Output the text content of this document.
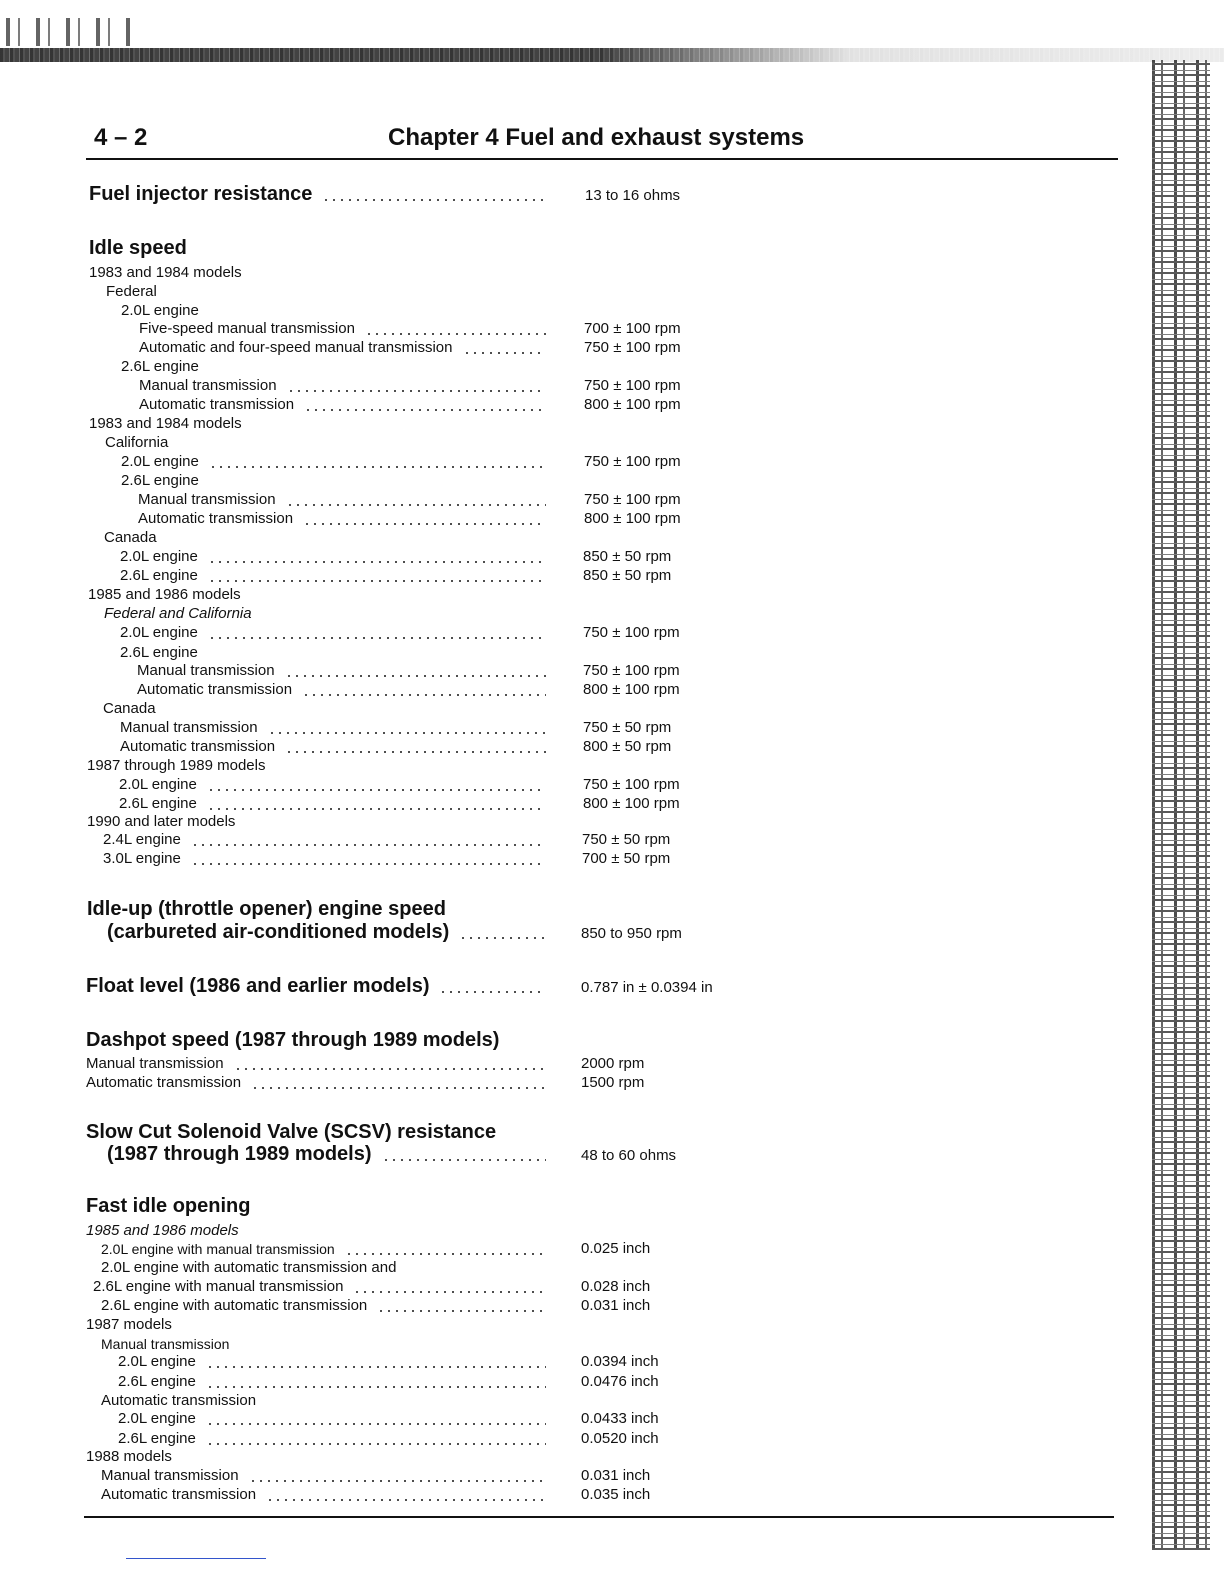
4 – 2	Chapter 4 Fuel and exhaust systems
Fuel injector resistance	13 to 16 ohms
Idle speed
1983 and 1984 models
Federal
2.0L engine
Five-speed manual transmission	700 ± 100 rpm
Automatic and four-speed manual transmission	750 ± 100 rpm
2.6L engine
Manual transmission	750 ± 100 rpm
Automatic transmission	800 ± 100 rpm
1983 and 1984 models
California
2.0L engine	750 ± 100 rpm
2.6L engine
Manual transmission	750 ± 100 rpm
Automatic transmission	800 ± 100 rpm
Canada
2.0L engine	850 ± 50 rpm
2.6L engine	850 ± 50 rpm
1985 and 1986 models
Federal and California
2.0L engine	750 ± 100 rpm
2.6L engine
Manual transmission	750 ± 100 rpm
Automatic transmission	800 ± 100 rpm
Canada
Manual transmission	750 ± 50 rpm
Automatic transmission	800 ± 50 rpm
1987 through 1989 models
2.0L engine	750 ± 100 rpm
2.6L engine	800 ± 100 rpm
1990 and later models
2.4L engine	750 ± 50 rpm
3.0L engine	700 ± 50 rpm
Idle-up (throttle opener) engine speed
(carbureted air-conditioned models)	850 to 950 rpm
Float level (1986 and earlier models)	0.787 in ± 0.0394 in
Dashpot speed (1987 through 1989 models)
Manual transmission	2000 rpm
Automatic transmission	1500 rpm
Slow Cut Solenoid Valve (SCSV) resistance
(1987 through 1989 models)	48 to 60 ohms
Fast idle opening
1985 and 1986 models
2.0L engine with manual transmission	0.025 inch
2.0L engine with automatic transmission and
2.6L engine with manual transmission	0.028 inch
2.6L engine with automatic transmission	0.031 inch
1987 models
Manual transmission
2.0L engine	0.0394 inch
2.6L engine	0.0476 inch
Automatic transmission
2.0L engine	0.0433 inch
2.6L engine	0.0520 inch
1988 models
Manual transmission	0.031 inch
Automatic transmission	0.035 inch
